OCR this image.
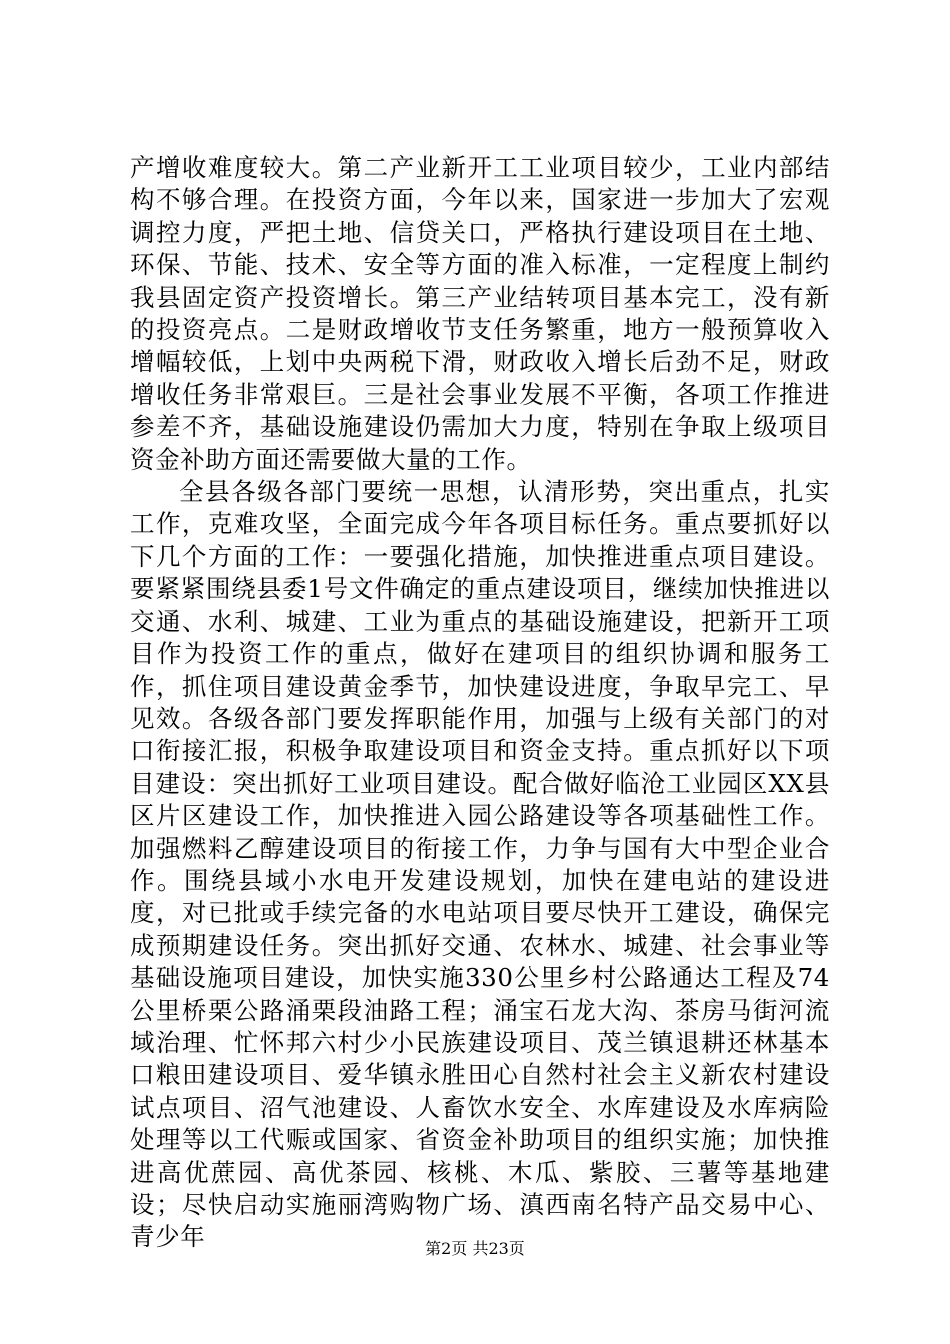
产增收难度较大。第二产业新开工工业项目较少，工业内部结构不够合理。在投资方面，今年以来，国家进一步加大了宏观调控力度，严把土地、信贷关口，严格执行建设项目在土地、环保、节能、技术、安全等方面的准入标准，一定程度上制约我县固定资产投资增长。第三产业结转项目基本完工，没有新的投资亮点。二是财政增收节支任务繁重，地方一般预算收入增幅较低，上划中央两税下滑，财政收入增长后劲不足，财政增收任务非常艰巨。三是社会事业发展不平衡，各项工作推进参差不齐，基础设施建设仍需加大力度，特别在争取上级项目资金补助方面还需要做大量的工作。

全县各级各部门要统一思想，认清形势，突出重点，扎实工作，克难攻坚，全面完成今年各项目标任务。重点要抓好以下几个方面的工作：一要强化措施，加快推进重点项目建设。要紧紧围绕县委1号文件确定的重点建设项目，继续加快推进以交通、水利、城建、工业为重点的基础设施建设，把新开工项目作为投资工作的重点，做好在建项目的组织协调和服务工作，抓住项目建设黄金季节，加快建设进度，争取早完工、早见效。各级各部门要发挥职能作用，加强与上级有关部门的对口衔接汇报，积极争取建设项目和资金支持。重点抓好以下项目建设：突出抓好工业项目建设。配合做好临沧工业园区XX县区片区建设工作，加快推进入园公路建设等各项基础性工作。加强燃料乙醇建设项目的衔接工作，力争与国有大中型企业合作。围绕县域小水电开发建设规划，加快在建电站的建设进度，对已批或手续完备的水电站项目要尽快开工建设，确保完成预期建设任务。突出抓好交通、农林水、城建、社会事业等基础设施项目建设，加快实施330公里乡村公路通达工程及74公里桥栗公路涌栗段油路工程；涌宝石龙大沟、茶房马街河流域治理、忙怀邦六村少小民族建设项目、茂兰镇退耕还林基本口粮田建设项目、爱华镇永胜田心自然村社会主义新农村建设试点项目、沼气池建设、人畜饮水安全、水库建设及水库病险处理等以工代赈或国家、省资金补助项目的组织实施；加快推进高优蔗园、高优茶园、核桃、木瓜、紫胶、三薯等基地建设；尽快启动实施丽湾购物广场、滇西南名特产品交易中心、青少年	第2页 共23页
